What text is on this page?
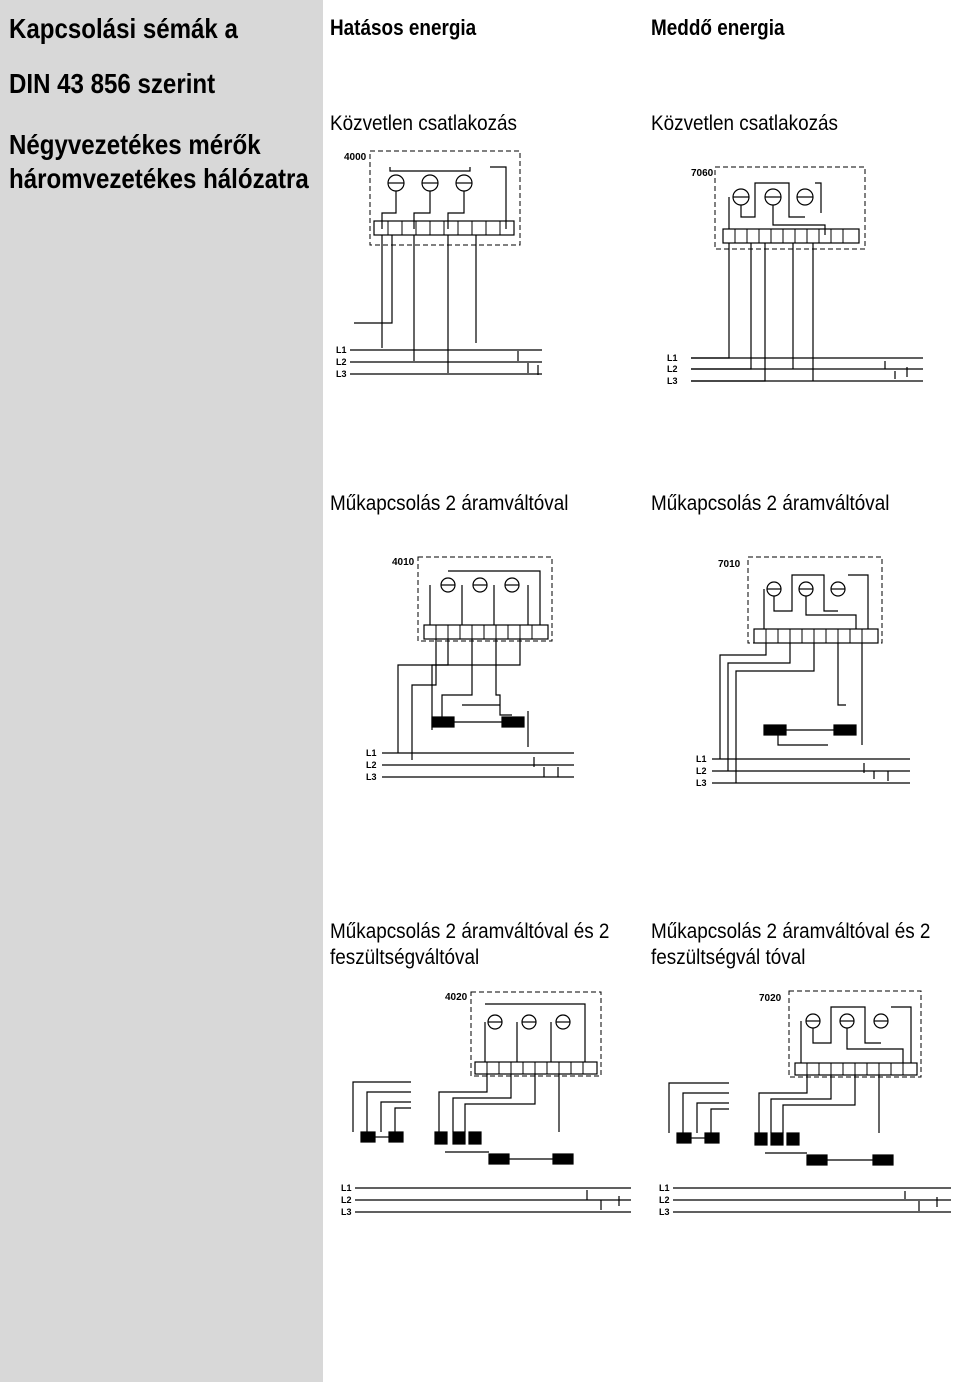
Kapcsolási sémák a
DIN 43 856 szerint
Négyvezetékes mérők
háromvezetékes hálózatra
Hatásos energia	Meddő energia
Közvetlen csatlakozás	Közvetlen csatlakozás
Műkapcsolás 2 áramváltóval	Műkapcsolás 2 áramváltóval
Műkapcsolás 2 áramváltóval és 2
feszültségváltóval
Műkapcsolás 2 áramváltóval és 2
feszültségvál tóval
4000
L1
L2
L3
7060
L1
L2
L3
4010
L1
L2
L3
7010
L1
L2
L3
4020
L1
L2
L3
7020
L1
L2
L3
